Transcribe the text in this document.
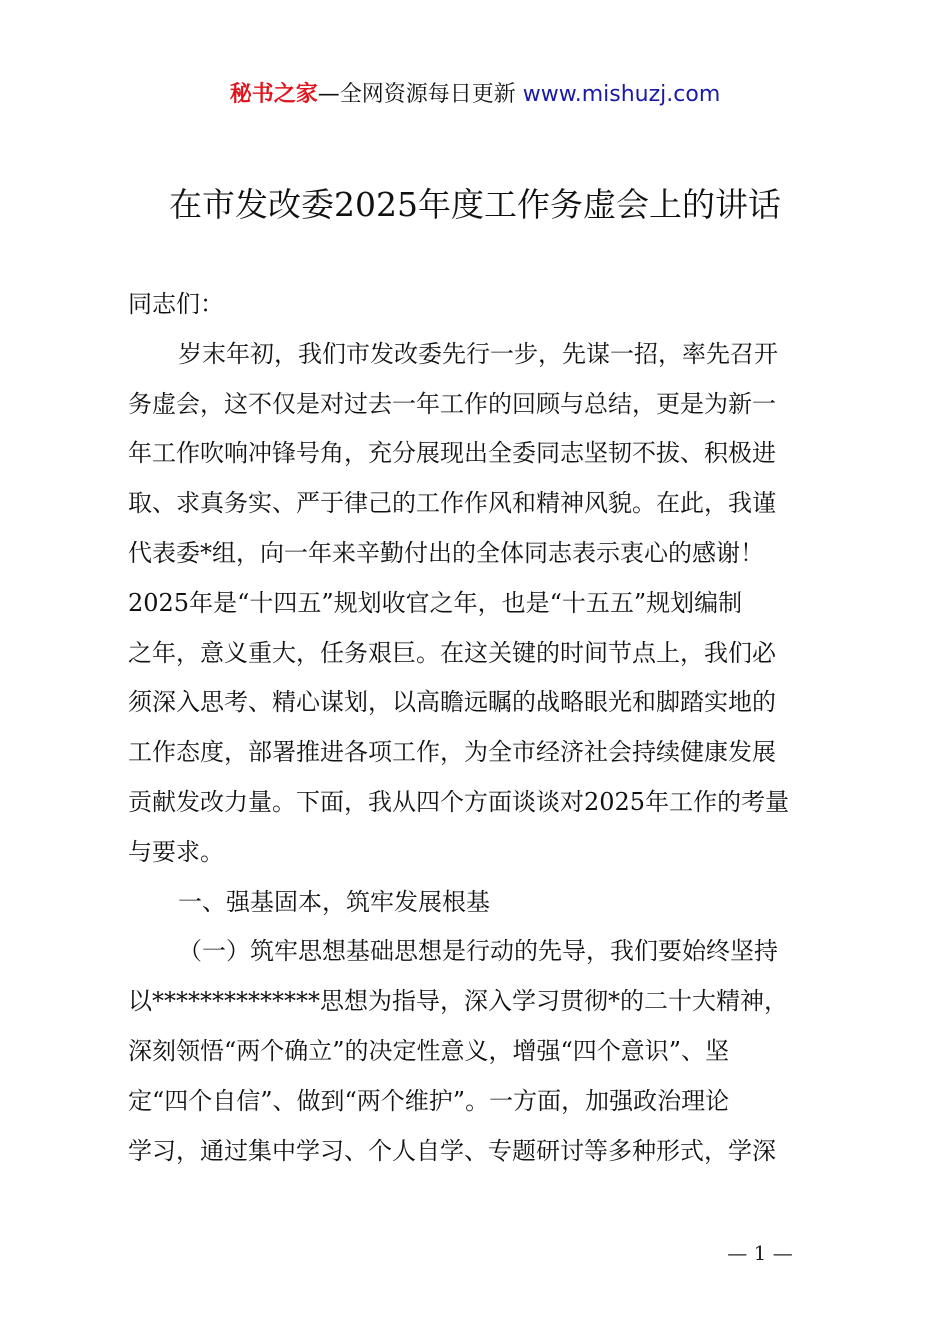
秘书之家—全网资源每日更新 www.mishuzj.com
在市发改委2025年度工作务虚会上的讲话
同志们：
岁末年初，我们市发改委先行一步，先谋一招，率先召开
务虚会，这不仅是对过去一年工作的回顾与总结，更是为新一
年工作吹响冲锋号角，充分展现出全委同志坚韧不拔、积极进
取、求真务实、严于律己的工作作风和精神风貌。在此，我谨
代表委*组，向一年来辛勤付出的全体同志表示衷心的感谢！
2025年是“十四五”规划收官之年，也是“十五五”规划编制
之年，意义重大，任务艰巨。在这关键的时间节点上，我们必
须深入思考、精心谋划，以高瞻远瞩的战略眼光和脚踏实地的
工作态度，部署推进各项工作，为全市经济社会持续健康发展
贡献发改力量。下面，我从四个方面谈谈对2025年工作的考量
与要求。
一、强基固本，筑牢发展根基
（一）筑牢思想基础思想是行动的先导，我们要始终坚持
以**************思想为指导，深入学习贯彻*的二十大精神，
深刻领悟“两个确立”的决定性意义，增强“四个意识”、坚
定“四个自信”、做到“两个维护”。一方面，加强政治理论
学习，通过集中学习、个人自学、专题研讨等多种形式，学深
— 1 —
